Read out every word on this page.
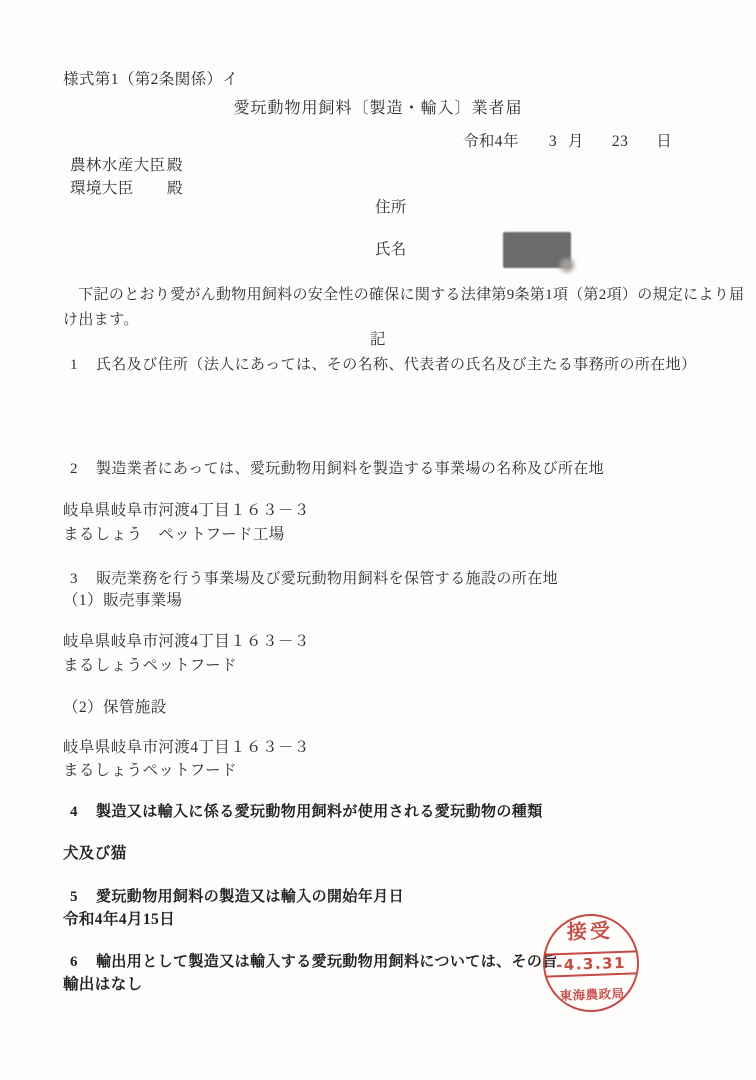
様式第1（第2条関係）イ
愛玩動物用飼料〔製造・輸入〕業者届
令和4年 3 月 23 日
農林水産大臣 殿
環境大臣 殿
住所
氏名
　下記のとおり愛がん動物用飼料の安全性の確保に関する法律第9条第1項（第2項）の規定により届
け出ます。
記
1 氏名及び住所（法人にあっては、その名称、代表者の氏名及び主たる事務所の所在地）
2 製造業者にあっては、愛玩動物用飼料を製造する事業場の名称及び所在地
岐阜県岐阜市河渡4丁目１６３－３
まるしょう　ペットフード工場
3 販売業務を行う事業場及び愛玩動物用飼料を保管する施設の所在地
（1）販売事業場
岐阜県岐阜市河渡4丁目１６３－３
まるしょうペットフード
（2）保管施設
岐阜県岐阜市河渡4丁目１６３－３
まるしょうペットフード
4 製造又は輸入に係る愛玩動物用飼料が使用される愛玩動物の種類
犬及び猫
5 愛玩動物用飼料の製造又は輸入の開始年月日
令和4年4月15日
6 輸出用として製造又は輸入する愛玩動物用飼料については、その旨
輸出はなし
接受
-4.3.31
東海農政局
